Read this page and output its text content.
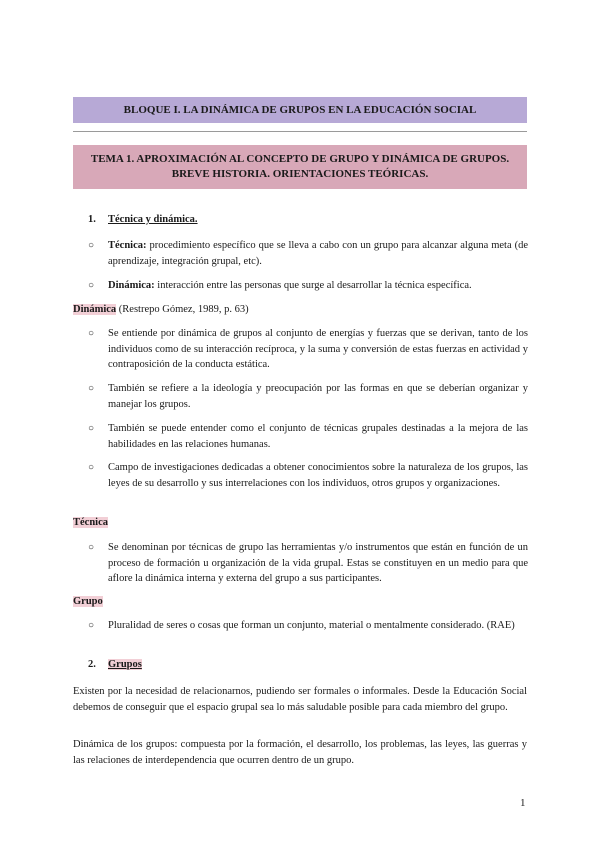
BLOQUE I. LA DINÁMICA DE GRUPOS EN LA EDUCACIÓN SOCIAL
TEMA 1. APROXIMACIÓN AL CONCEPTO DE GRUPO Y DINÁMICA DE GRUPOS.
BREVE HISTORIA. ORIENTACIONES TEÓRICAS.
1. Técnica y dinámica.
○ Técnica: procedimiento específico que se lleva a cabo con un grupo para alcanzar alguna meta (de aprendizaje, integración grupal, etc).
○ Dinámica: interacción entre las personas que surge al desarrollar la técnica específica.
Dinámica (Restrepo Gómez, 1989, p. 63)
○ Se entiende por dinámica de grupos al conjunto de energías y fuerzas que se derivan, tanto de los individuos como de su interacción recíproca, y la suma y conversión de estas fuerzas en actividad y contraposición de la conducta estática.
○ También se refiere a la ideología y preocupación por las formas en que se deberían organizar y manejar los grupos.
○ También se puede entender como el conjunto de técnicas grupales destinadas a la mejora de las habilidades en las relaciones humanas.
○ Campo de investigaciones dedicadas a obtener conocimientos sobre la naturaleza de los grupos, las leyes de su desarrollo y sus interrelaciones con los individuos, otros grupos y organizaciones.
Técnica
○ Se denominan por técnicas de grupo las herramientas y/o instrumentos que están en función de un proceso de formación u organización de la vida grupal. Estas se constituyen en un medio para que aflore la dinámica interna y externa del grupo a sus participantes.
Grupo
○ Pluralidad de seres o cosas que forman un conjunto, material o mentalmente considerado. (RAE)
2. Grupos
Existen por la necesidad de relacionarnos, pudiendo ser formales o informales. Desde la Educación Social debemos de conseguir que el espacio grupal sea lo más saludable posible para cada miembro del grupo.
Dinámica de los grupos: compuesta por la formación, el desarrollo, los problemas, las leyes, las guerras y las relaciones de interdependencia que ocurren dentro de un grupo.
1
